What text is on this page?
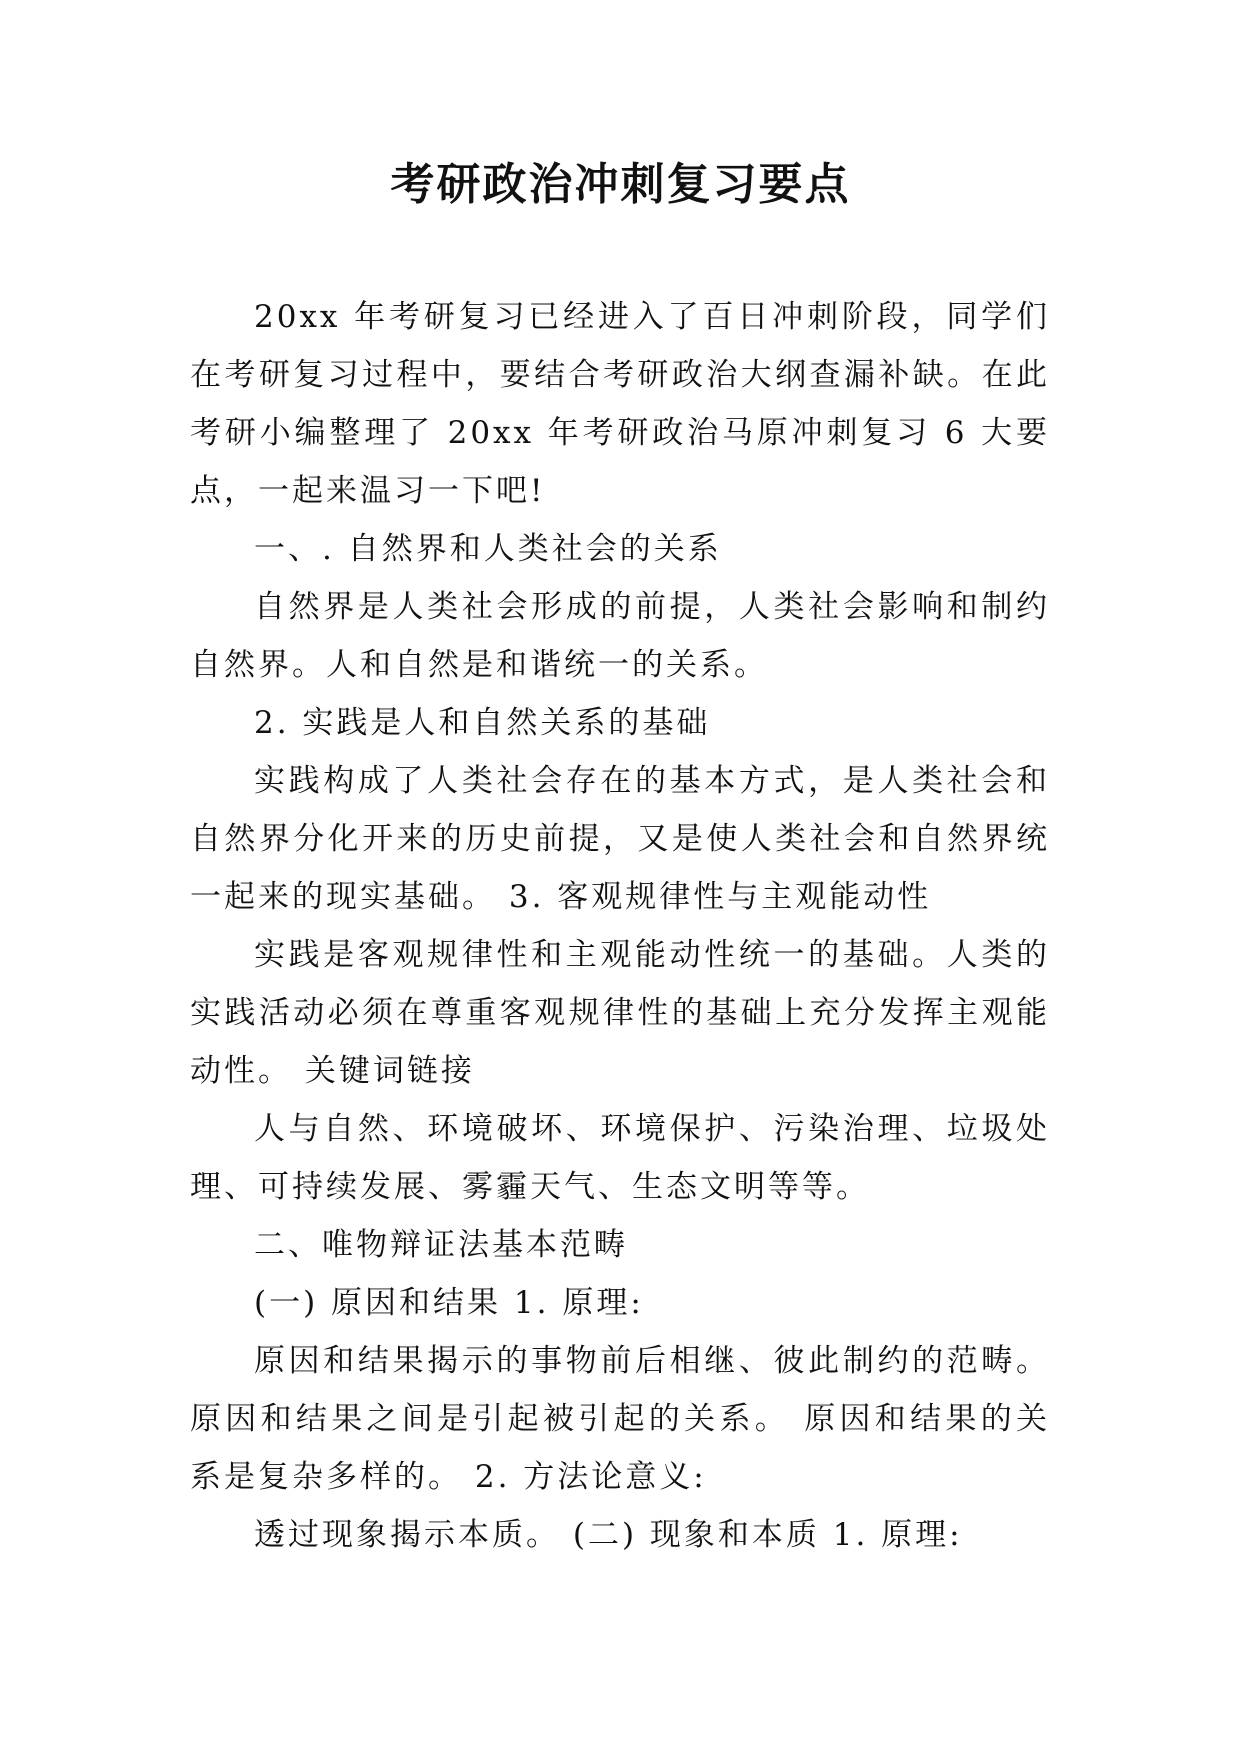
考研政治冲刺复习要点

20xx 年考研复习已经进入了百日冲刺阶段，同学们在考研复习过程中，要结合考研政治大纲查漏补缺。在此考研小编整理了 20xx 年考研政治马原冲刺复习 6 大要点，一起来温习一下吧!

一、. 自然界和人类社会的关系

自然界是人类社会形成的前提，人类社会影响和制约自然界。人和自然是和谐统一的关系。

2. 实践是人和自然关系的基础

实践构成了人类社会存在的基本方式，是人类社会和自然界分化开来的历史前提，又是使人类社会和自然界统一起来的现实基础。 3. 客观规律性与主观能动性

实践是客观规律性和主观能动性统一的基础。人类的实践活动必须在尊重客观规律性的基础上充分发挥主观能动性。 关键词链接

人与自然、环境破坏、环境保护、污染治理、垃圾处理、可持续发展、雾霾天气、生态文明等等。

二、唯物辩证法基本范畴

(一) 原因和结果 1. 原理:

原因和结果揭示的事物前后相继、彼此制约的范畴。原因和结果之间是引起被引起的关系。 原因和结果的关系是复杂多样的。 2. 方法论意义:

透过现象揭示本质。 (二) 现象和本质 1. 原理:
